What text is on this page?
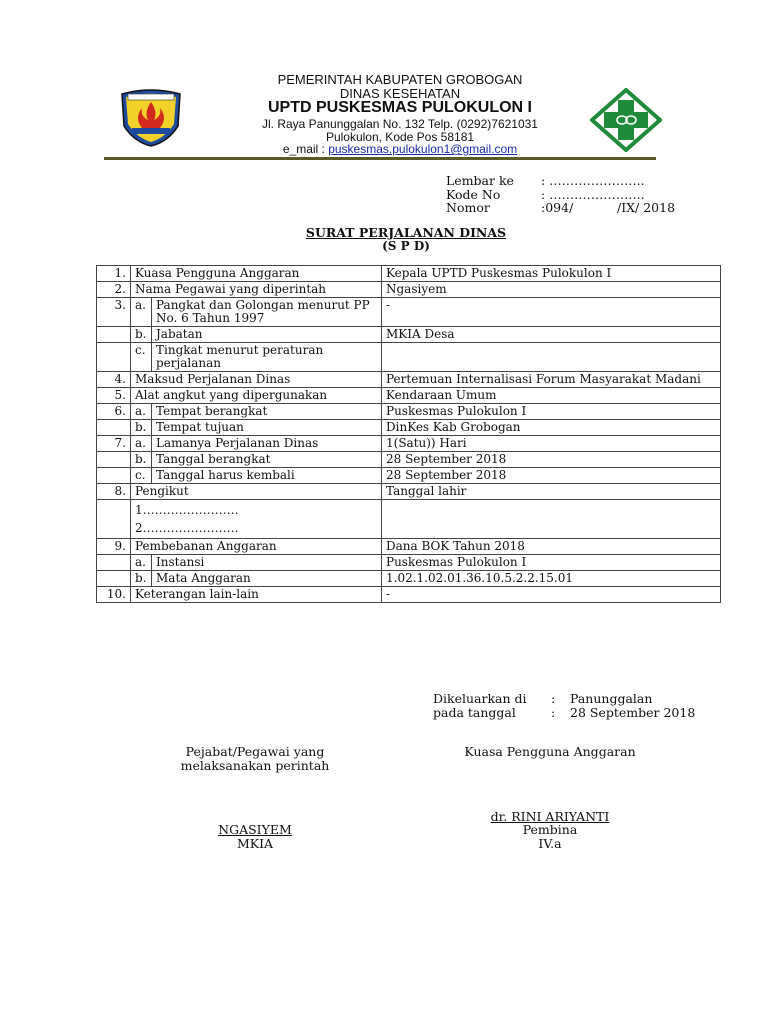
PEMERINTAH KABUPATEN GROBOGAN
DINAS KESEHATAN
UPTD PUSKESMAS PULOKULON I
Jl. Raya Panunggalan No. 132 Telp. (0292)7621031
Pulokulon, Kode Pos 58181
e_mail : puskesmas.pulokulon1@gmail.com
Lembar ke : …………………..
Kode No	: …………………..
Nomor	:094/           /IX/ 2018
SURAT PERJALANAN DINAS
(S P D)
1.	Kuasa Pengguna Anggaran		Kepala UPTD Puskesmas Pulokulon I
2.	Nama Pegawai yang diperintah		Ngasiyem
3.	a.	Pangkat dan Golongan menurut PP No. 6 Tahun 1997	-
	b.	Jabatan	MKIA Desa
	c.	Tingkat menurut peraturan perjalanan	
4.	Maksud Perjalanan Dinas		Pertemuan Internalisasi Forum Masyarakat Madani
5.	Alat angkut yang dipergunakan		Kendaraan Umum
6.	a.	Tempat berangkat	Puskesmas Pulokulon I
	b.	Tempat tujuan	DinKes Kab Grobogan
7.	a.	Lamanya Perjalanan Dinas	1(Satu)) Hari
	b.	Tanggal berangkat	28 September 2018
	c.	Tanggal harus kembali	28 September 2018
8.	Pengikut		Tanggal lahir

	1……………………
2……………………		

9.	Pembebanan Anggaran		Dana BOK Tahun 2018
	a.	Instansi	Puskesmas Pulokulon I
	b.	Mata Anggaran	1.02.1.02.01.36.10.5.2.2.15.01
10.	Keterangan lain-lain		-
Dikeluarkan di : Panunggalan
pada tanggal	: 28 September 2018
Pejabat/Pegawai yang
melaksanakan perintah
Kuasa Pengguna Anggaran
dr. RINI ARIYANTI
Pembina
IV.a
NGASIYEM
MKIA
